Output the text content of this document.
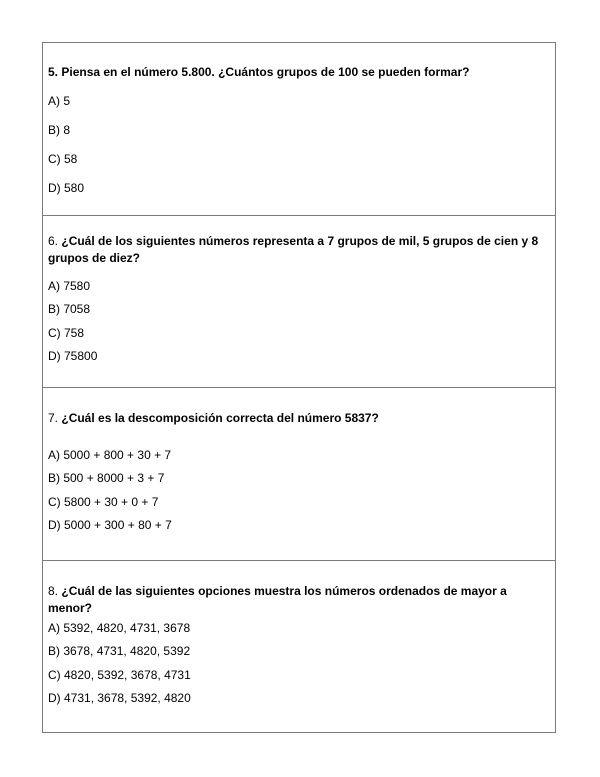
5. Piensa en el número 5.800. ¿Cuántos grupos de 100 se pueden formar?

A) 5
B) 8
C) 58
D) 580

6. ¿Cuál de los siguientes números representa a 7 grupos de mil, 5 grupos de cien y 8 grupos de diez?

A) 7580
B) 7058
C) 758
D) 75800

7. ¿Cuál es la descomposición correcta del número 5837?

A) 5000 + 800 + 30 + 7
B) 500 + 8000 + 3 + 7
C) 5800 + 30 + 0 + 7
D) 5000 + 300 + 80 + 7

8. ¿Cuál de las siguientes opciones muestra los números ordenados de mayor a menor?

A) 5392, 4820, 4731, 3678
B) 3678, 4731, 4820, 5392
C) 4820, 5392, 3678, 4731
D) 4731, 3678, 5392, 4820
